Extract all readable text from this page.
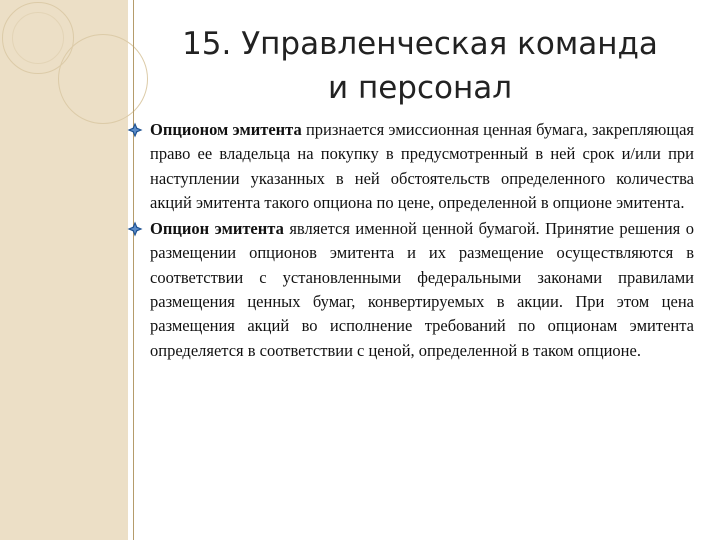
15. Управленческая команда
и персонал
Опционом эмитента признается эмиссионная ценная бумага, закрепляющая право ее владельца на покупку в предусмотренный в ней срок и/или при наступлении указанных в ней обстоятельств определенного количества акций эмитента такого опциона по цене, определенной в опционе эмитента.
Опцион эмитента является именной ценной бумагой. Принятие решения о размещении опционов эмитента и их размещение осуществляются в соответствии с установленными федеральными законами правилами размещения ценных бумаг, конвертируемых в акции. При этом цена размещения акций во исполнение требований по опционам эмитента определяется в соответствии с ценой, определенной в таком опционе.
